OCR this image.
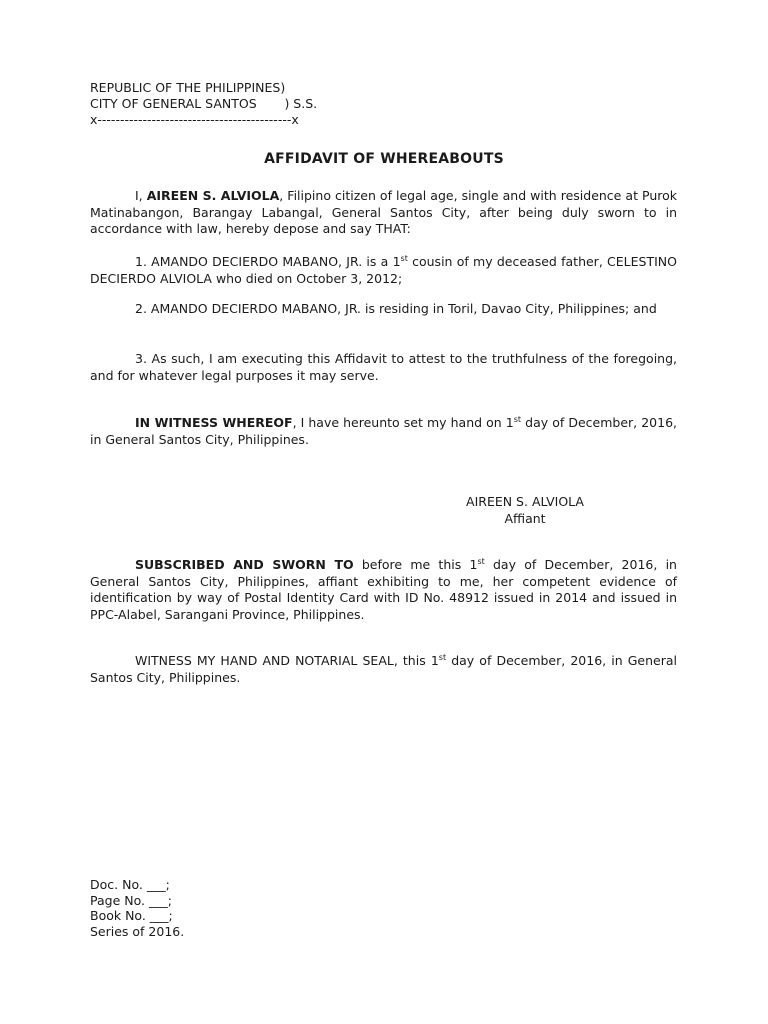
REPUBLIC OF THE PHILIPPINES)
CITY OF GENERAL SANTOS       ) S.S.
x-------------------------------------------x
AFFIDAVIT OF WHEREABOUTS
I, AIREEN S. ALVIOLA, Filipino citizen of legal age, single and with residence at Purok Matinabangon, Barangay Labangal, General Santos City, after being duly sworn to in accordance with law, hereby depose and say THAT:
1. AMANDO DECIERDO MABANO, JR. is a 1st cousin of my deceased father, CELESTINO DECIERDO ALVIOLA who died on October 3, 2012;
2. AMANDO DECIERDO MABANO, JR. is residing in Toril, Davao City, Philippines; and
3. As such, I am executing this Affidavit to attest to the truthfulness of the foregoing, and for whatever legal purposes it may serve.
IN WITNESS WHEREOF, I have hereunto set my hand on 1st day of December, 2016, in General Santos City, Philippines.
AIREEN S. ALVIOLA
Affiant
SUBSCRIBED AND SWORN TO before me this 1st day of December, 2016, in General Santos City, Philippines, affiant exhibiting to me, her competent evidence of identification by way of Postal Identity Card with ID No. 48912 issued in 2014 and issued in PPC-Alabel, Sarangani Province, Philippines.
WITNESS MY HAND AND NOTARIAL SEAL, this 1st day of December, 2016, in General Santos City, Philippines.
Doc. No. ___;
Page No. ___;
Book No. ___;
Series of 2016.
